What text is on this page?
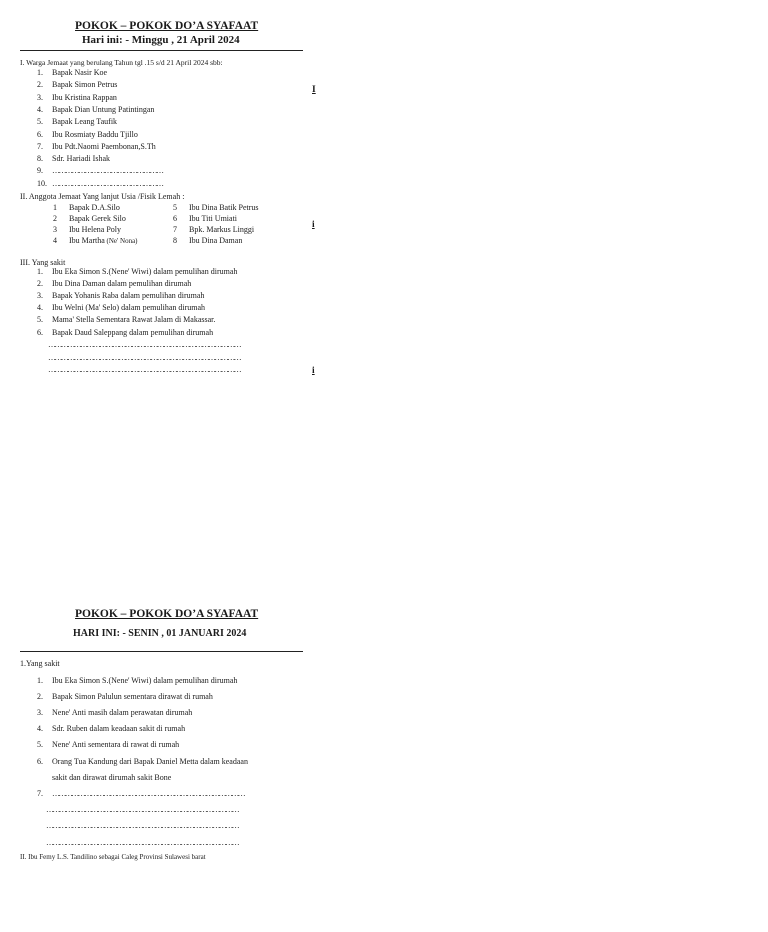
POKOK – POKOK DO’A SYAFAAT
Hari ini: - Minggu , 21 April 2024
I. Warga Jemaat yang berulang Tahun tgl .15 s/d 21 April 2024 sbb:
1. Bapak Nasir Koe
2. Bapak Simon Petrus
3. Ibu Kristina Rappan
4. Bapak Dian Untung Patintingan
5. Bapak Leang Taufik
6. Ibu Rosmiaty Baddu Tjillo
7. Ibu Pdt.Naomi Paembonan,S.Th
8. Sdr. Hariadi Ishak
9. ……………………………………………
10. ……………………………………………
II. Anggota Jemaat Yang lanjut Usia /Fisik Lemah :
1 Bapak D.A.Silo
2 Bapak Gerek Silo
3 Ibu Helena Poly
4 Ibu Martha (Ne' Nona)
5 Ibu Dina Batik Petrus
6 Ibu Titi Umiati
7 Bpk. Markus Linggi
8 Ibu Dina Daman
III. Yang sakit
1. Ibu Eka Simon S.(Nene' Wiwi) dalam pemulihan dirumah
2. Ibu Dina Daman dalam pemulihan dirumah
3. Bapak Yohanis Raba dalam pemulihan dirumah
4. Ibu Welni (Ma' Selo) dalam pemulihan dirumah
5. Mama' Stella Sementara Rawat Jalam di Makassar.
6. Bapak Daud Saleppang dalam pemulihan dirumah
………………………………………………………………………………
………………………………………………………………………………
………………………………………………………………………………
I
i
i
POKOK – POKOK DO’A SYAFAAT
HARI INI: - SENIN , 01 JANUARI 2024
1.Yang sakit
1. Ibu Eka Simon S.(Nene' Wiwi) dalam pemulihan dirumah
2. Bapak Simon Palulun sementara dirawat di rumah
3. Nene' Anti masih dalam perawatan dirumah
4. Sdr. Ruben dalam keadaan sakit di rumah
5. Nene' Anti sementara di rawat di rumah
6. Orang Tua Kandung dari Bapak Daniel Metta dalam keadaan
sakit dan dirawat dirumah sakit Bone
7. ………………………………………………………………………………
………………………………………………………………………………
………………………………………………………………………………
………………………………………………………………………………
II. Ibu Femy L.S. Tandilino sebagai Caleg Provinsi Sulawesi barat
